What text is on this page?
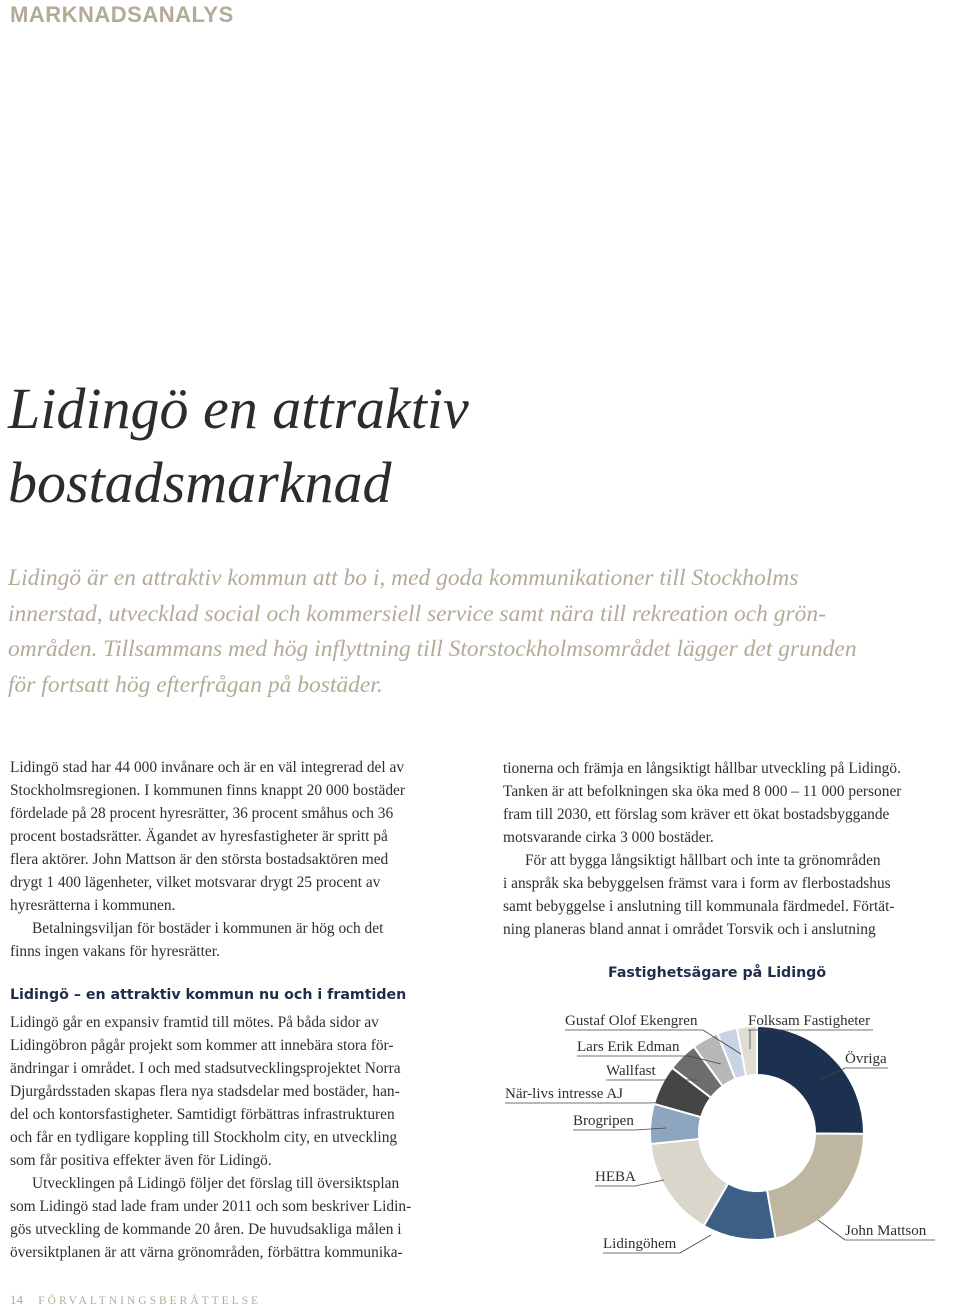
MARKNADSANALYS
Lidingö en attraktiv
bostadsmarknad
Lidingö är en attraktiv kommun att bo i, med goda kommunikationer till Stockholms
innerstad, utvecklad social och kommersiell service samt nära till rekreation och grön-
områden. Tillsammans med hög inflyttning till Storstockholmsområdet lägger det grunden
för fortsatt hög efterfrågan på bostäder.
Lidingö stad har 44 000 invånare och är en väl integrerad del av
Stockholmsregionen. I kommunen finns knappt 20 000 bostäder
fördelade på 28 procent hyresrätter, 36 procent småhus och 36
procent bostadsrätter. Ägandet av hyresfastigheter är spritt på
flera aktörer. John Mattson är den största bostadsaktören med
drygt 1 400 lägenheter, vilket motsvarar drygt 25 procent av
hyresrätterna i kommunen.
Betalningsviljan för bostäder i kommunen är hög och det
finns ingen vakans för hyresrätter.
Lidingö – en attraktiv kommun nu och i framtiden
Lidingö går en expansiv framtid till mötes. På båda sidor av
Lidingöbron pågår projekt som kommer att innebära stora för-
ändringar i området. I och med stadsutvecklingsprojektet Norra
Djurgårdsstaden skapas flera nya stadsdelar med bostäder, han-
del och kontorsfastigheter. Samtidigt förbättras infrastrukturen
och får en tydligare koppling till Stockholm city, en utveckling
som får positiva effekter även för Lidingö.
Utvecklingen på Lidingö följer det förslag till översiktsplan
som Lidingö stad lade fram under 2011 och som beskriver Lidin-
gös utveckling de kommande 20 åren. De huvudsakliga målen i
översiktplanen är att värna grönområden, förbättra kommunika-
tionerna och främja en långsiktigt hållbar utveckling på Lidingö.
Tanken är att befolkningen ska öka med 8 000 – 11 000 personer
fram till 2030, ett förslag som kräver ett ökat bostadsbyggande
motsvarande cirka 3 000 bostäder.
För att bygga långsiktigt hållbart och inte ta grönområden
i anspråk ska bebyggelsen främst vara i form av flerbostadshus
samt bebyggelse i anslutning till kommunala färdmedel. Förtät-
ning planeras bland annat i området Torsvik och i anslutning
Fastighetsägare på Lidingö
Gustaf Olof Ekengren	Folksam Fastigheter
Lars Erik Edman
Övriga
Wallfast
När-livs intresse AJ
Brogripen
HEBA
Lidingöhem
John Mattson
14 FÖRVALTNINGSBERÄTTELSE
